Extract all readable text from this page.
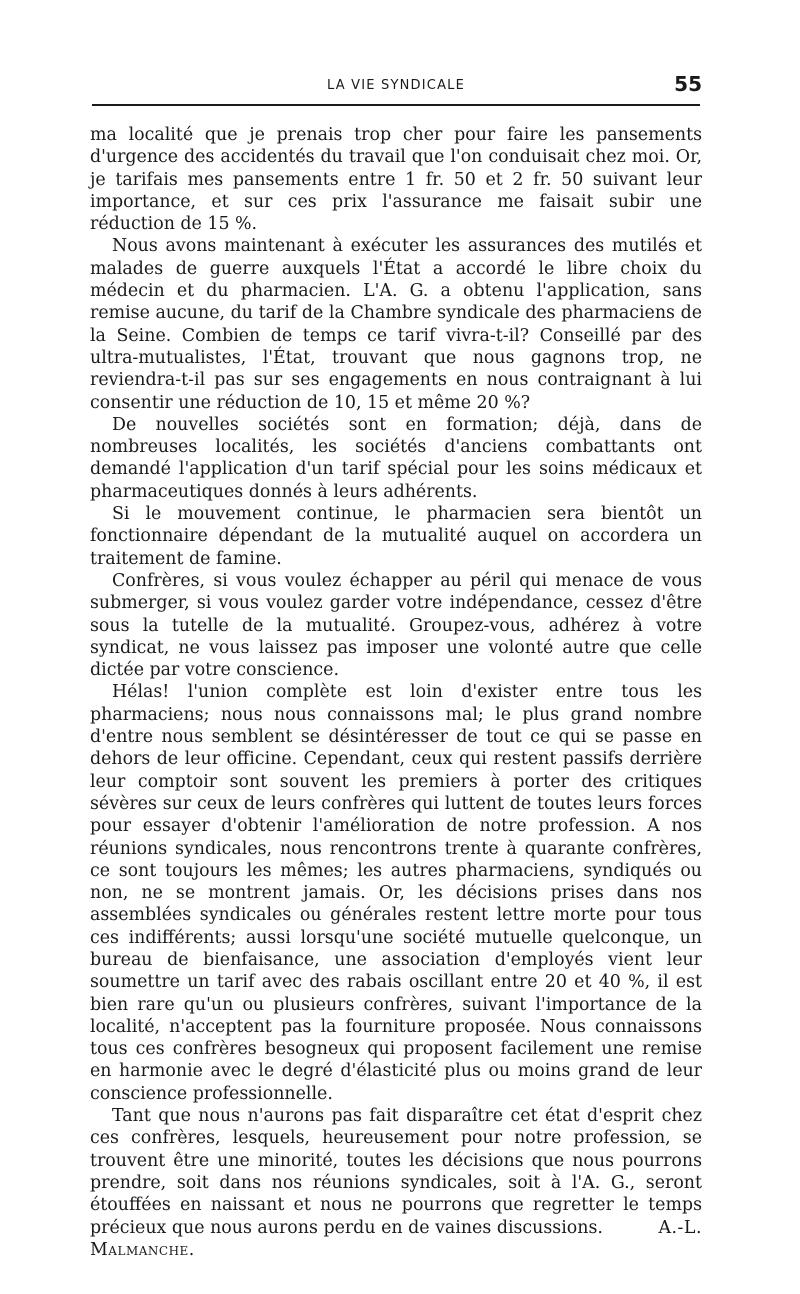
LA VIE SYNDICALE	55

ma localité que je prenais trop cher pour faire les pansements d'urgence des accidentés du travail que l'on conduisait chez moi. Or, je tarifais mes pansements entre 1 fr. 50 et 2 fr. 50 suivant leur importance, et sur ces prix l'assurance me faisait subir une réduction de 15 %.

Nous avons maintenant à exécuter les assurances des mutilés et malades de guerre auxquels l'État a accordé le libre choix du médecin et du pharmacien. L'A. G. a obtenu l'application, sans remise aucune, du tarif de la Chambre syndicale des pharmaciens de la Seine. Combien de temps ce tarif vivra-t-il? Conseillé par des ultra-mutualistes, l'État, trouvant que nous gagnons trop, ne reviendra-t-il pas sur ses engagements en nous contraignant à lui consentir une réduction de 10, 15 et même 20 %?

De nouvelles sociétés sont en formation; déjà, dans de nombreuses localités, les sociétés d'anciens combattants ont demandé l'application d'un tarif spécial pour les soins médicaux et pharmaceutiques donnés à leurs adhérents.

Si le mouvement continue, le pharmacien sera bientôt un fonctionnaire dépendant de la mutualité auquel on accordera un traitement de famine.

Confrères, si vous voulez échapper au péril qui menace de vous submerger, si vous voulez garder votre indépendance, cessez d'être sous la tutelle de la mutualité. Groupez-vous, adhérez à votre syndicat, ne vous laissez pas imposer une volonté autre que celle dictée par votre conscience.

Hélas! l'union complète est loin d'exister entre tous les pharmaciens; nous nous connaissons mal; le plus grand nombre d'entre nous semblent se désintéresser de tout ce qui se passe en dehors de leur officine. Cependant, ceux qui restent passifs derrière leur comptoir sont souvent les premiers à porter des critiques sévères sur ceux de leurs confrères qui luttent de toutes leurs forces pour essayer d'obtenir l'amélioration de notre profession. A nos réunions syndicales, nous rencontrons trente à quarante confrères, ce sont toujours les mêmes; les autres pharmaciens, syndiqués ou non, ne se montrent jamais. Or, les décisions prises dans nos assemblées syndicales ou générales restent lettre morte pour tous ces indifférents; aussi lorsqu'une société mutuelle quelconque, un bureau de bienfaisance, une association d'employés vient leur soumettre un tarif avec des rabais oscillant entre 20 et 40 %, il est bien rare qu'un ou plusieurs confrères, suivant l'importance de la localité, n'acceptent pas la fourniture proposée. Nous connaissons tous ces confrères besogneux qui proposent facilement une remise en harmonie avec le degré d'élasticité plus ou moins grand de leur conscience professionnelle.

Tant que nous n'aurons pas fait disparaître cet état d'esprit chez ces confrères, lesquels, heureusement pour notre profession, se trouvent être une minorité, toutes les décisions que nous pourrons prendre, soit dans nos réunions syndicales, soit à l'A. G., seront étouffées en naissant et nous ne pourrons que regretter le temps précieux que nous aurons perdu en de vaines discussions.	A.-L. Malmanche.
